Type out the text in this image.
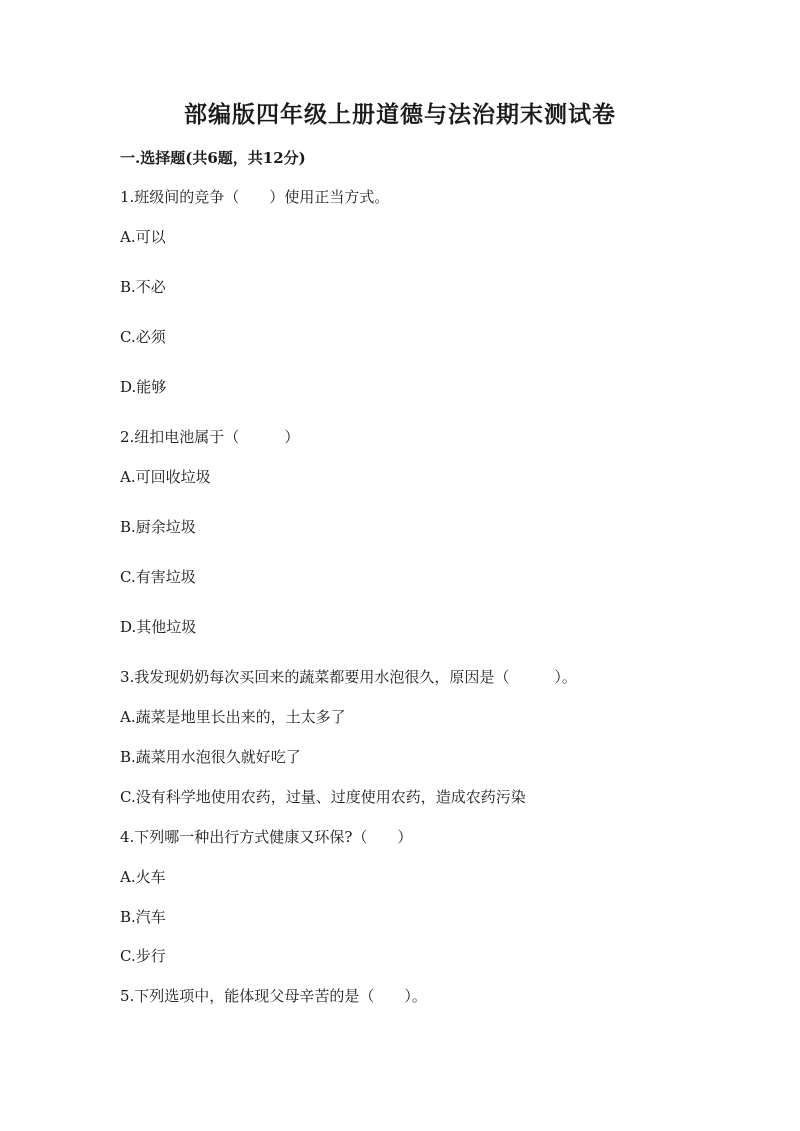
部编版四年级上册道德与法治期末测试卷
一.选择题(共6题，共12分)
1.班级间的竞争（　　）使用正当方式。
A.可以
B.不必
C.必须
D.能够
2.纽扣电池属于（　　　）
A.可回收垃圾
B.厨余垃圾
C.有害垃圾
D.其他垃圾
3.我发现奶奶每次买回来的蔬菜都要用水泡很久，原因是（　　　）。
A.蔬菜是地里长出来的，土太多了
B.蔬菜用水泡很久就好吃了
C.没有科学地使用农药，过量、过度使用农药，造成农药污染
4.下列哪一种出行方式健康又环保?（　　）
A.火车
B.汽车
C.步行
5.下列选项中，能体现父母辛苦的是（　　）。
